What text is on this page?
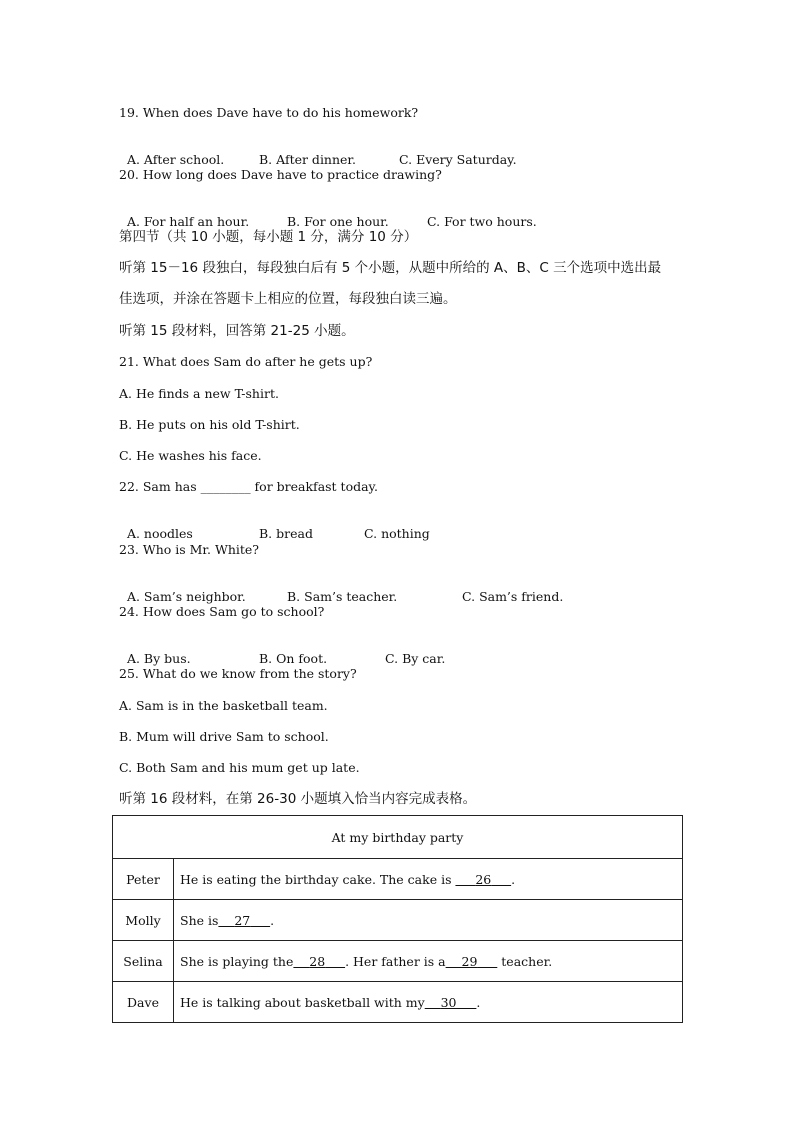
19. When does Dave have to do his homework?

A. After school.	B. After dinner.	C. Every Saturday.

20. How long does Dave have to practice drawing?

A. For half an hour.	B. For one hour.	C. For two hours.

第四节（共 10 小题，每小题 1 分，满分 10 分）
听第 15－16 段独白，每段独白后有 5 个小题，从题中所给的 A、B、C 三个选项中选出最
佳选项，并涂在答题卡上相应的位置，每段独白读三遍。
听第 15 段材料，回答第 21-25 小题。
21. What does Sam do after he gets up?
A. He finds a new T-shirt.
B. He puts on his old T-shirt.
C. He washes his face.
22. Sam has ________ for breakfast today.

A. noodles	B. bread	C. nothing

23. Who is Mr. White?

A. Sam’s neighbor.	B. Sam’s teacher.	C. Sam’s friend.

24. How does Sam go to school?

A. By bus.	B. On foot.	C. By car.

25. What do we know from the story?
A. Sam is in the basketball team.
B. Mum will drive Sam to school.
C. Both Sam and his mum get up late.
听第 16 段材料，在第 26-30 小题填入恰当内容完成表格。
At my birthday party	
Peter	He is eating the birthday cake. The cake is      26 .
Molly	She is 27 .
Selina	She is playing the 28 . Her father is a 29      teacher.
Dave	He is talking about basketball with my 30 .
